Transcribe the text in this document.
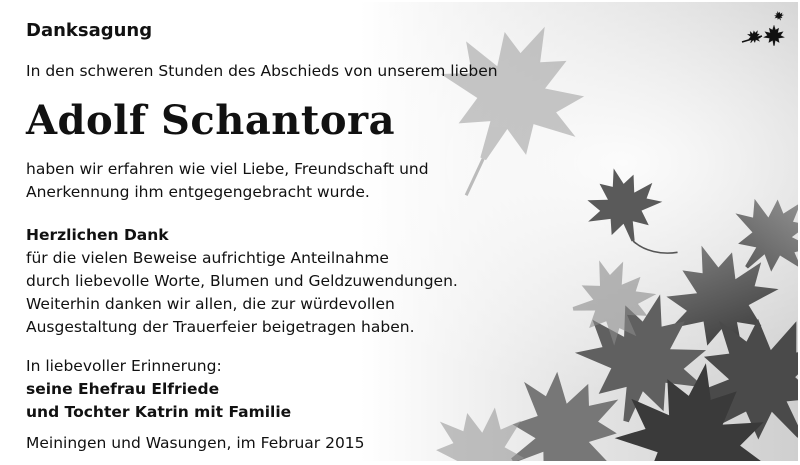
Danksagung
In den schweren Stunden des Abschieds von unserem lieben
Adolf Schantora
haben wir erfahren wie viel Liebe, Freundschaft und
Anerkennung ihm entgegengebracht wurde.
Herzlichen Dank
für die vielen Beweise aufrichtige Anteilnahme
durch liebevolle Worte, Blumen und Geldzuwendungen.
Weiterhin danken wir allen, die zur würdevollen
Ausgestaltung der Trauerfeier beigetragen haben.
In liebevoller Erinnerung:
seine Ehefrau Elfriede
und Tochter Katrin mit Familie
Meiningen und Wasungen, im Februar 2015
